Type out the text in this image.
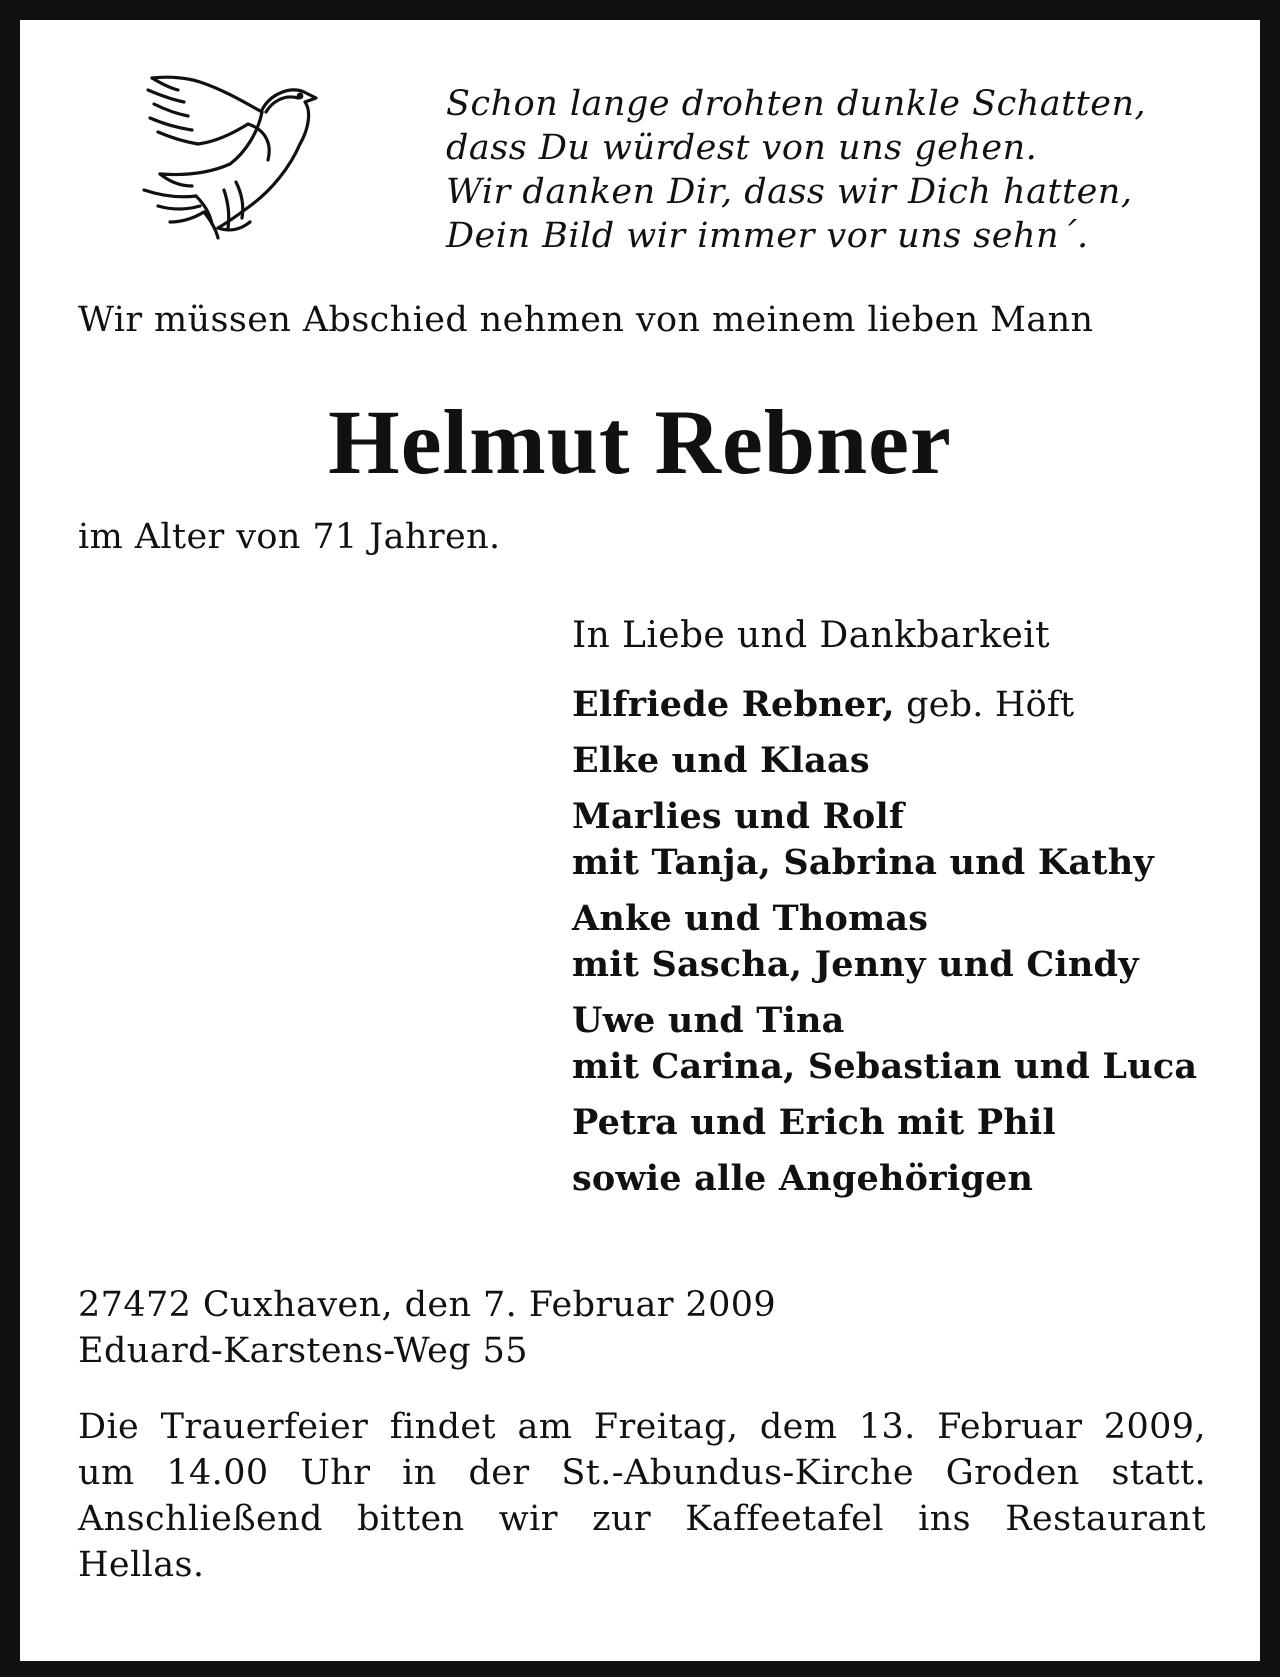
Schon lange drohten dunkle Schatten,
dass Du würdest von uns gehen.
Wir danken Dir, dass wir Dich hatten,
Dein Bild wir immer vor uns sehn´.
Wir müssen Abschied nehmen von meinem lieben Mann
Helmut Rebner
im Alter von 71 Jahren.
In Liebe und Dankbarkeit
Elfriede Rebner, geb. Höft
Elke und Klaas
Marlies und Rolf
mit Tanja, Sabrina und Kathy
Anke und Thomas
mit Sascha, Jenny und Cindy
Uwe und Tina
mit Carina, Sebastian und Luca
Petra und Erich mit Phil
sowie alle Angehörigen
27472 Cuxhaven, den 7. Februar 2009
Eduard-Karstens-Weg 55
Die Trauerfeier findet am Freitag, dem 13. Februar 2009,
um 14.00 Uhr in der St.-Abundus-Kirche Groden statt.
Anschließend bitten wir zur Kaffeetafel ins Restaurant
Hellas.
